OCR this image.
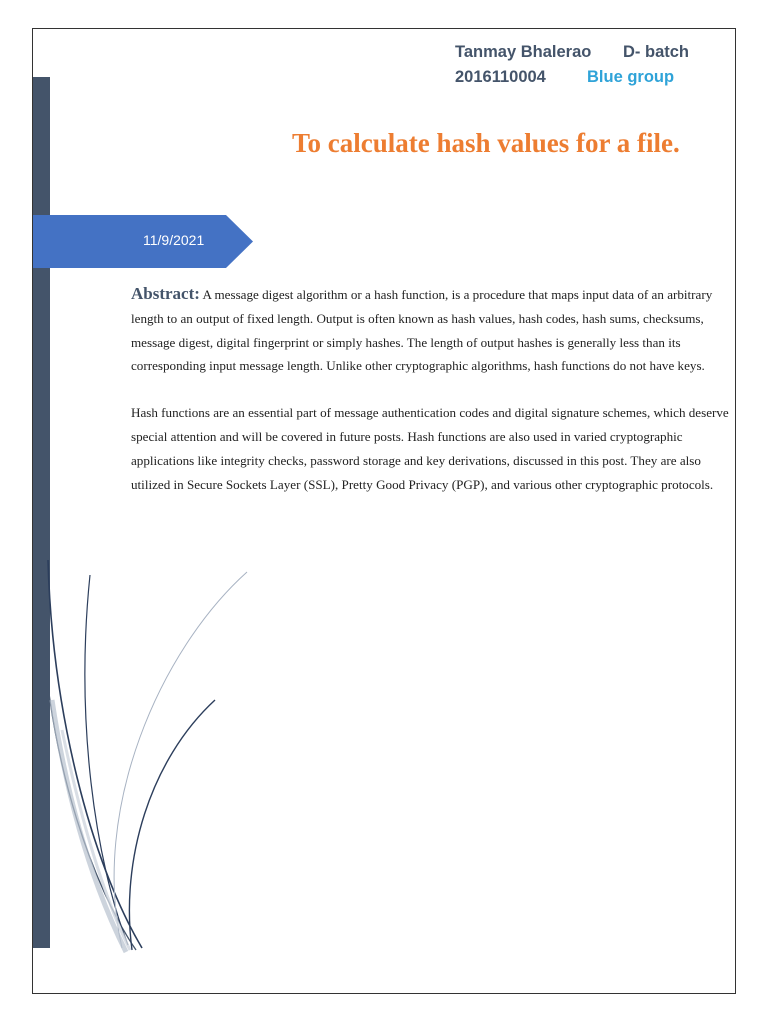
Tanmay Bhalerao D- batch
2016110004 Blue group
To calculate hash values for a file.
11/9/2021

Abstract: A message digest algorithm or a hash function, is a procedure that maps input data of an arbitrary length to an output of fixed length. Output is often known as hash values, hash codes, hash sums, checksums, message digest, digital fingerprint or simply hashes. The length of output hashes is generally less than its corresponding input message length. Unlike other cryptographic algorithms, hash functions do not have keys.

Hash functions are an essential part of message authentication codes and digital signature schemes, which deserve special attention and will be covered in future posts. Hash functions are also used in varied cryptographic applications like integrity checks, password storage and key derivations, discussed in this post. They are also utilized in Secure Sockets Layer (SSL), Pretty Good Privacy (PGP), and various other cryptographic protocols.
